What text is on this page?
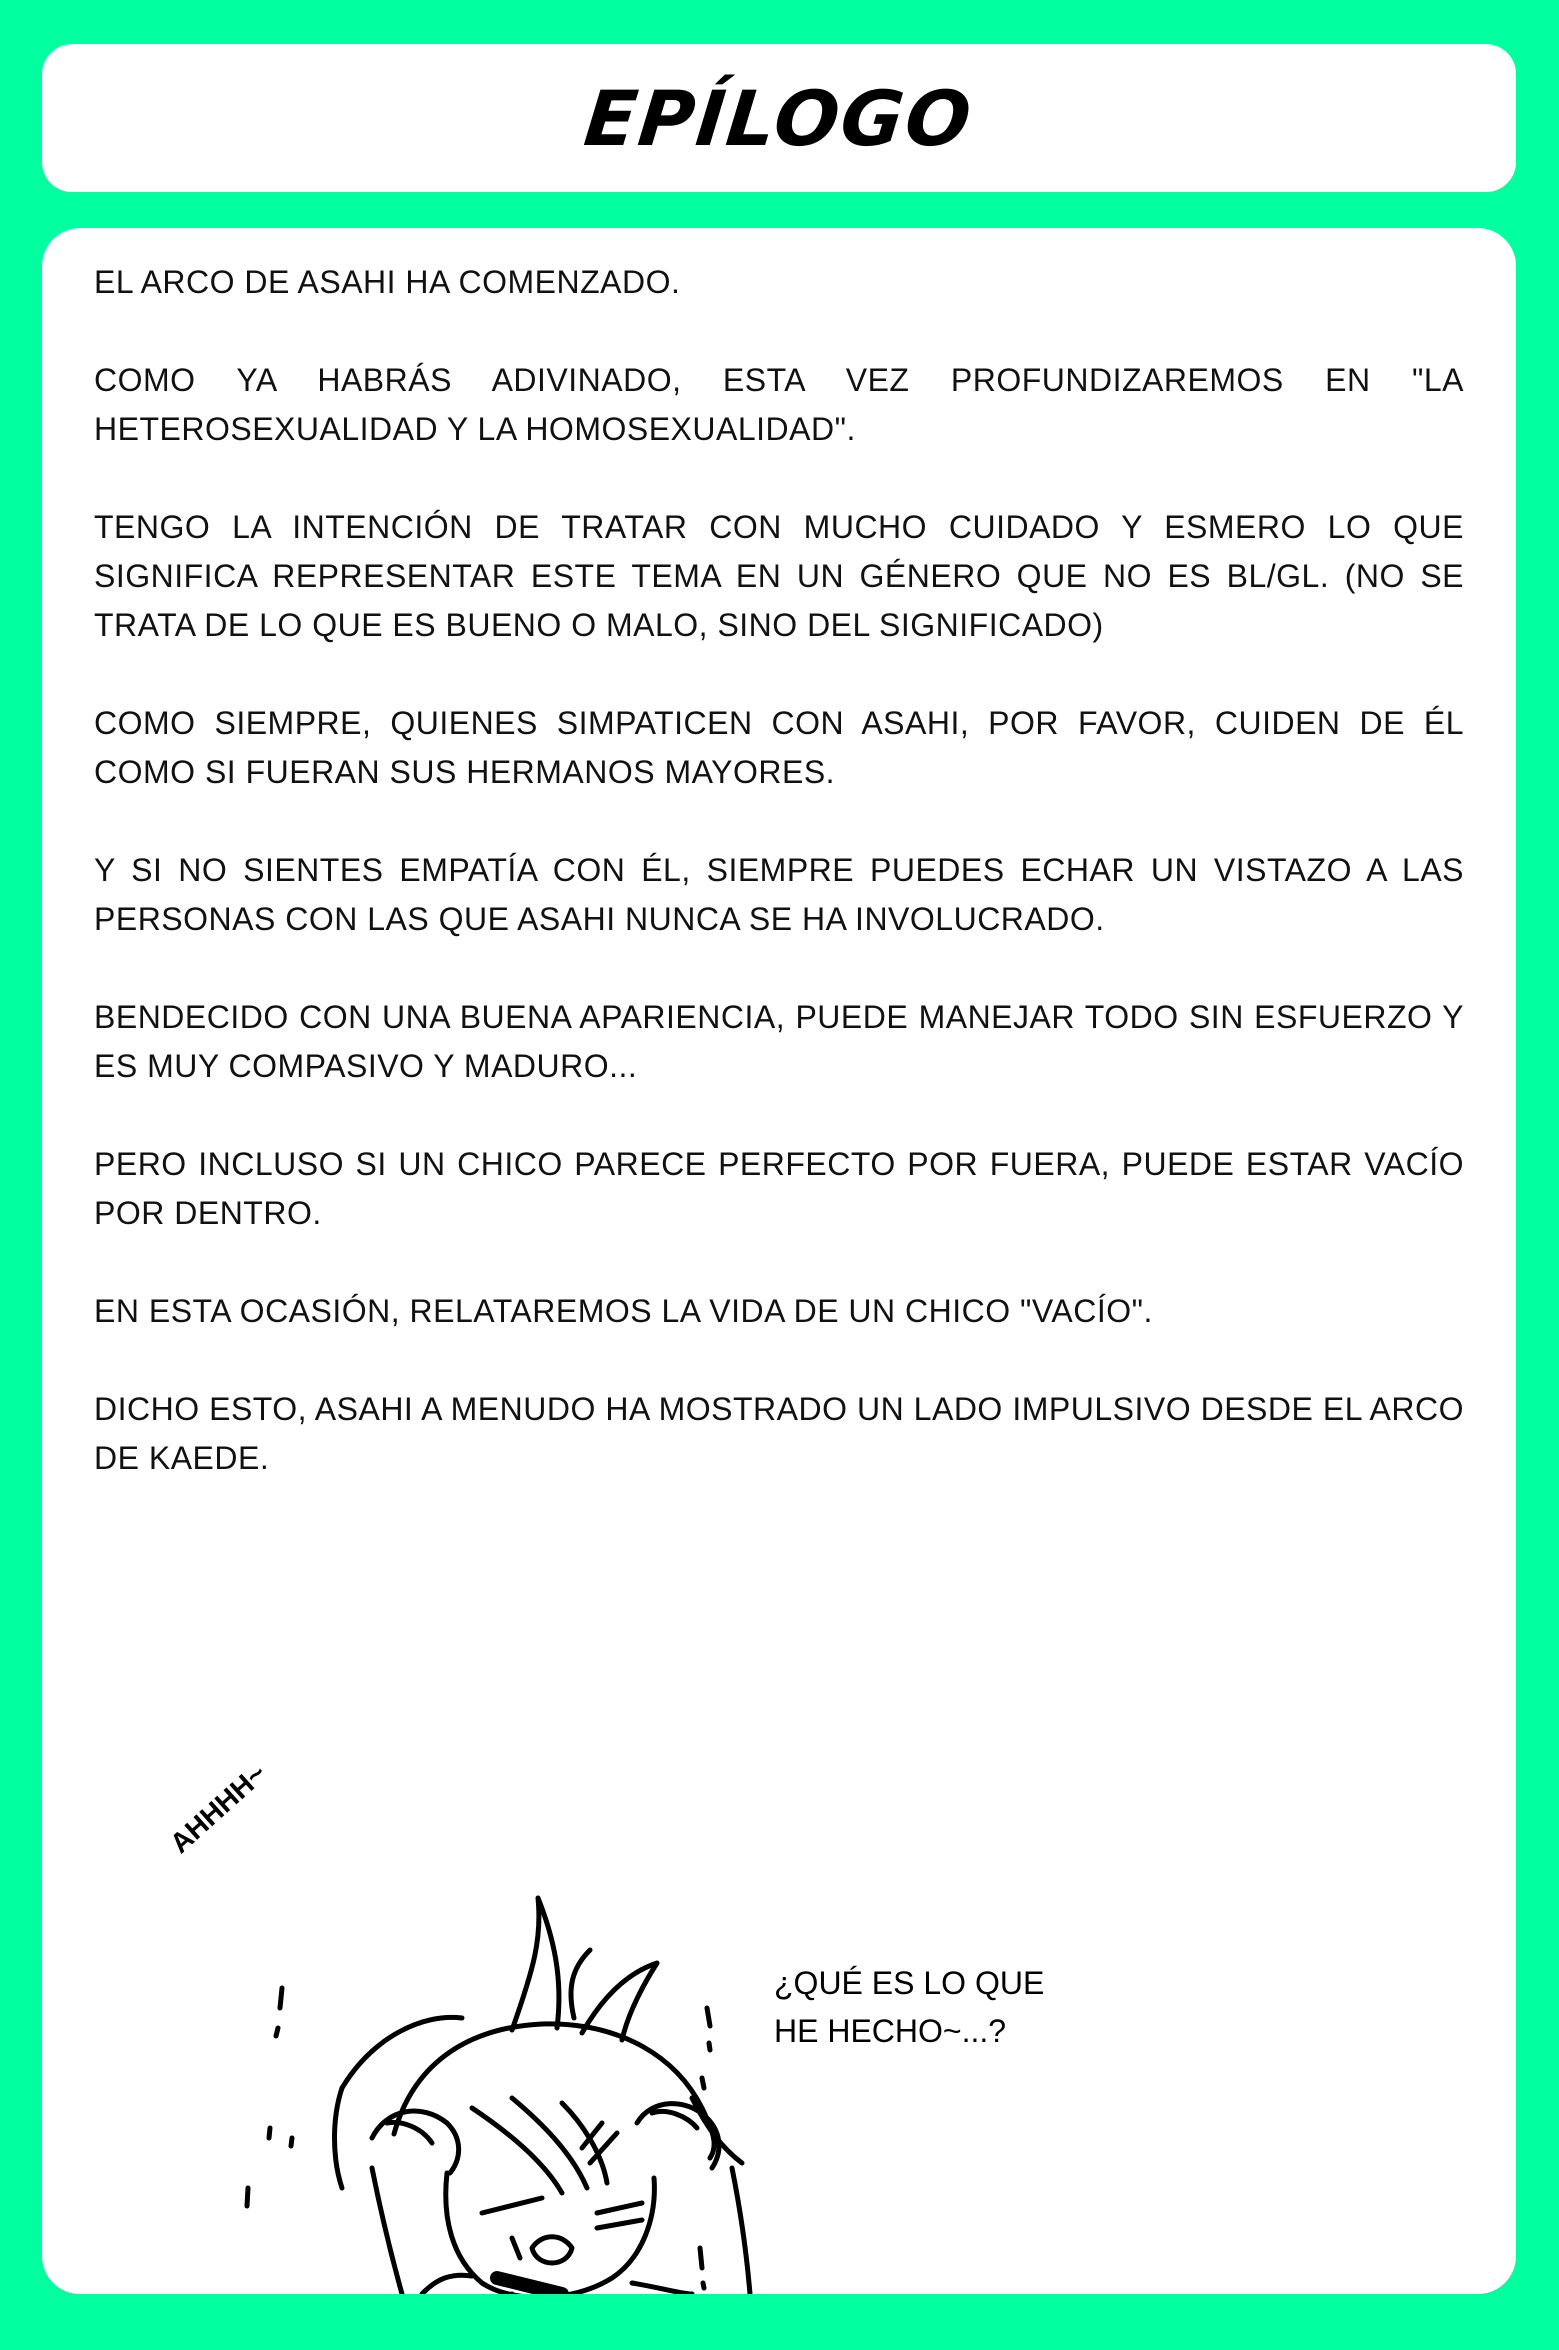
EPÍLOGO

EL ARCO DE ASAHI HA COMENZADO.

COMO YA HABRÁS ADIVINADO, ESTA VEZ PROFUNDIZAREMOS EN "LA HETEROSEXUALIDAD Y LA HOMOSEXUALIDAD".

TENGO LA INTENCIÓN DE TRATAR CON MUCHO CUIDADO Y ESMERO LO QUE SIGNIFICA REPRESENTAR ESTE TEMA EN UN GÉNERO QUE NO ES BL/GL. (NO SE TRATA DE LO QUE ES BUENO O MALO, SINO DEL SIGNIFICADO)

COMO SIEMPRE, QUIENES SIMPATICEN CON ASAHI, POR FAVOR, CUIDEN DE ÉL COMO SI FUERAN SUS HERMANOS MAYORES.

Y SI NO SIENTES EMPATÍA CON ÉL, SIEMPRE PUEDES ECHAR UN VISTAZO A LAS PERSONAS CON LAS QUE ASAHI NUNCA SE HA INVOLUCRADO.

BENDECIDO CON UNA BUENA APARIENCIA, PUEDE MANEJAR TODO SIN ESFUERZO Y ES MUY COMPASIVO Y MADURO...

PERO INCLUSO SI UN CHICO PARECE PERFECTO POR FUERA, PUEDE ESTAR VACÍO POR DENTRO.

EN ESTA OCASIÓN, RELATAREMOS LA VIDA DE UN CHICO "VACÍO".

DICHO ESTO, ASAHI A MENUDO HA MOSTRADO UN LADO IMPULSIVO DESDE EL ARCO DE KAEDE.

AHHHH~
¿QUÉ ES LO QUE
HE HECHO~...?
